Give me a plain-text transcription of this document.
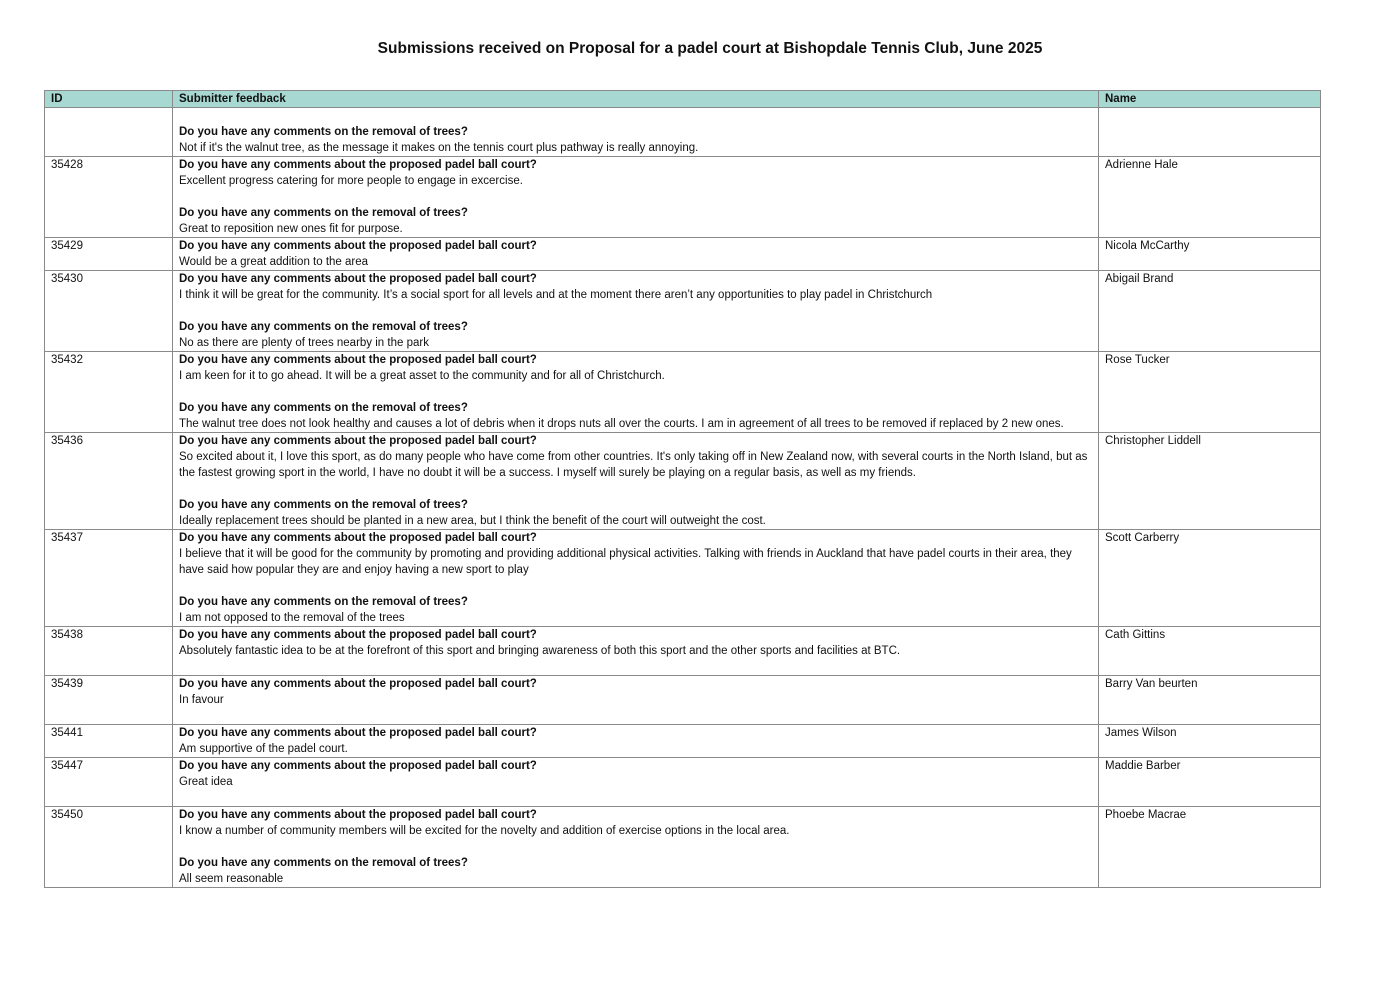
Submissions received on Proposal for a padel court at Bishopdale Tennis Club, June 2025
ID	Submitter feedback	Name

	Do you have any comments on the removal of trees?
Not if it's the walnut tree, as the message it makes on the tennis court plus pathway is really annoying.	

35428	Do you have any comments about the proposed padel ball court?
Excellent progress catering for more people to engage in excercise.
Do you have any comments on the removal of trees?
Great to reposition new ones fit for purpose.	Adrienne Hale
35429	Do you have any comments about the proposed padel ball court?
Would be a great addition to the area	Nicola McCarthy
35430	Do you have any comments about the proposed padel ball court?
I think it will be great for the community. It’s a social sport for all levels and at the moment there aren’t any opportunities to play padel in Christchurch
Do you have any comments on the removal of trees?
No as there are plenty of trees nearby in the park	Abigail Brand
35432	Do you have any comments about the proposed padel ball court?
I am keen for it to go ahead. It will be a great asset to the community and for all of Christchurch.
Do you have any comments on the removal of trees?
The walnut tree does not look healthy and causes a lot of debris when it drops nuts all over the courts. I am in agreement of all trees to be removed if replaced by 2 new ones.	Rose Tucker
35436	Do you have any comments about the proposed padel ball court?
So excited about it, I love this sport, as do many people who have come from other countries. It's only taking off in New Zealand now, with several courts in the North Island, but as the fastest growing sport in the world, I have no doubt it will be a success. I myself will surely be playing on a regular basis, as well as my friends.
Do you have any comments on the removal of trees?
Ideally replacement trees should be planted in a new area, but I think the benefit of the court will outweight the cost.	Christopher Liddell
35437	Do you have any comments about the proposed padel ball court?
I believe that it will be good for the community by promoting and providing additional physical activities. Talking with friends in Auckland that have padel courts in their area, they have said how popular they are and enjoy having a new sport to play
Do you have any comments on the removal of trees?
I am not opposed to the removal of the trees	Scott Carberry
35438	Do you have any comments about the proposed padel ball court?
Absolutely fantastic idea to be at the forefront of this sport and bringing awareness of both this sport and the other sports and facilities at BTC.	Cath Gittins
35439	Do you have any comments about the proposed padel ball court?
In favour	Barry Van beurten
35441	Do you have any comments about the proposed padel ball court?
Am supportive of the padel court.	James Wilson
35447	Do you have any comments about the proposed padel ball court?
Great idea	Maddie Barber
35450	Do you have any comments about the proposed padel ball court?
I know a number of community members will be excited for the novelty and addition of exercise options in the local area.
Do you have any comments on the removal of trees?
All seem reasonable	Phoebe Macrae
